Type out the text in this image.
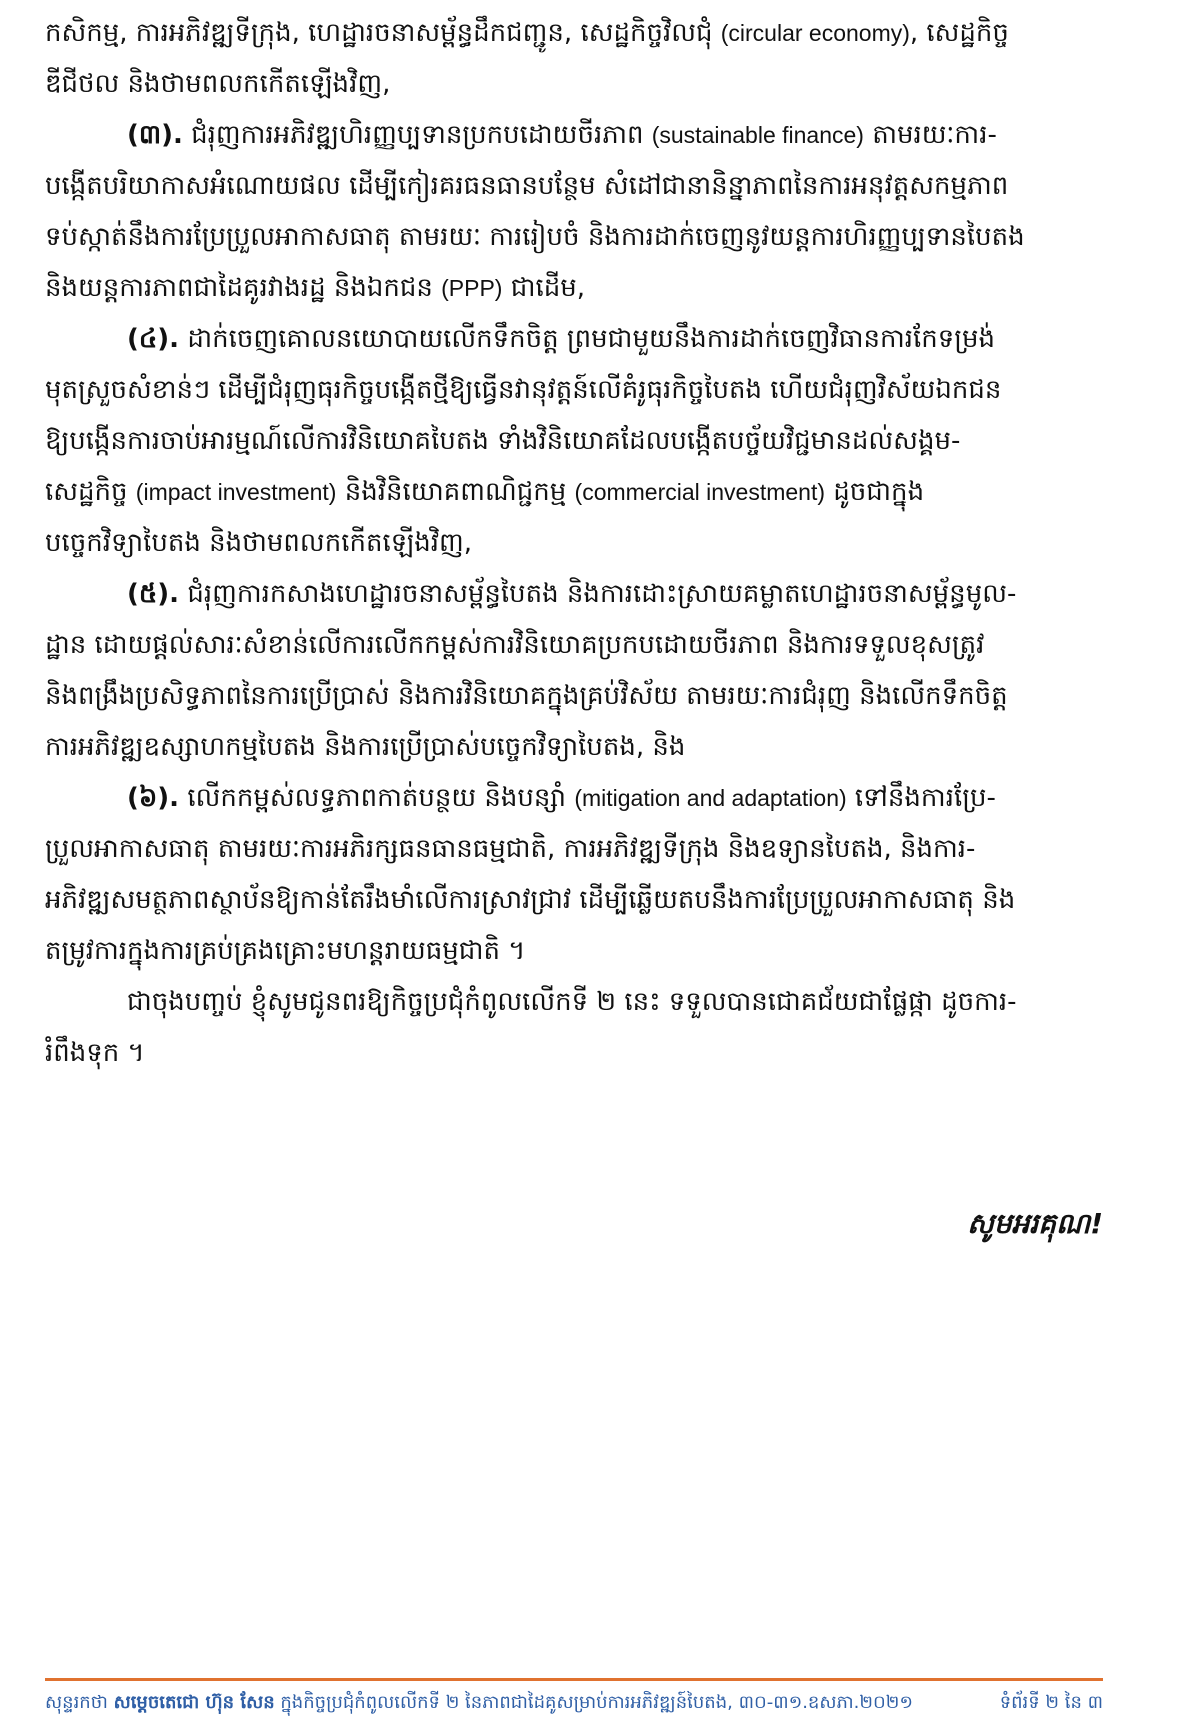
កសិកម្ម, ការអភិវឌ្ឍទីក្រុង, ហេដ្ឋារចនាសម្ព័ន្ធដឹកជញ្ជូន, សេដ្ឋកិច្ចវិលជុំ (circular economy), សេដ្ឋកិច្ច
ឌីជីថល និងថាមពលកកើតឡើងវិញ,
(៣). ជំរុញការអភិវឌ្ឍហិរញ្ញប្បទានប្រកបដោយចីរភាព (sustainable finance) តាមរយៈការ-
បង្កើតបរិយាកាសអំណោយផល ដើម្បីកៀរគរធនធានបន្ថែម សំដៅជានានិន្នាភាពនៃការអនុវត្តសកម្មភាព
ទប់ស្កាត់នឹងការប្រែប្រួលអាកាសធាតុ តាមរយៈ ការរៀបចំ និងការដាក់ចេញនូវយន្តការហិរញ្ញប្បទានបៃតង
និងយន្តការភាពជាដៃគូរវាងរដ្ឋ និងឯកជន (PPP) ជាដើម,
(៤). ដាក់ចេញគោលនយោបាយលើកទឹកចិត្ត ព្រមជាមួយនឹងការដាក់ចេញវិធានការកែទម្រង់
មុតស្រួចសំខាន់ៗ ដើម្បីជំរុញធុរកិច្ចបង្កើតថ្មីឱ្យធ្វើនវានុវត្តន៍លើគំរូធុរកិច្ចបៃតង ហើយជំរុញវិស័យឯកជន
ឱ្យបង្កើនការចាប់អារម្មណ៍លើការវិនិយោគបៃតង ទាំងវិនិយោគដែលបង្កើតបច្ច័យវិជ្ជមានដល់សង្គម-
សេដ្ឋកិច្ច (impact investment) និងវិនិយោគពាណិជ្ជកម្ម (commercial investment) ដូចជាក្នុង
បច្ចេកវិទ្យាបៃតង និងថាមពលកកើតឡើងវិញ,
(៥). ជំរុញការកសាងហេដ្ឋារចនាសម្ព័ន្ធបៃតង និងការដោះស្រាយគម្លាតហេដ្ឋារចនាសម្ព័ន្ធមូល-
ដ្ឋាន ដោយផ្ដល់សារៈសំខាន់លើការលើកកម្ពស់ការវិនិយោគប្រកបដោយចីរភាព និងការទទួលខុសត្រូវ
និងពង្រឹងប្រសិទ្ធភាពនៃការប្រើប្រាស់ និងការវិនិយោគក្នុងគ្រប់វិស័យ តាមរយៈការជំរុញ និងលើកទឹកចិត្ត
ការអភិវឌ្ឍឧស្សាហកម្មបៃតង និងការប្រើប្រាស់បច្ចេកវិទ្យាបៃតង, និង
(៦). លើកកម្ពស់លទ្ធភាពកាត់បន្ថយ និងបន្សាំ (mitigation and adaptation) ទៅនឹងការប្រែ-
ប្រួលអាកាសធាតុ តាមរយៈការអភិរក្សធនធានធម្មជាតិ, ការអភិវឌ្ឍទីក្រុង និងឧទ្យានបៃតង, និងការ-
អភិវឌ្ឍសមត្ថភាពស្ថាប័នឱ្យកាន់តែរឹងមាំលើការស្រាវជ្រាវ ដើម្បីឆ្លើយតបនឹងការប្រែប្រួលអាកាសធាតុ និង
តម្រូវការក្នុងការគ្រប់គ្រងគ្រោះមហន្តរាយធម្មជាតិ ។
ជាចុងបញ្ចប់ ខ្ញុំសូមជូនពរឱ្យកិច្ចប្រជុំកំពូលលើកទី ២ នេះ ទទួលបានជោគជ័យជាផ្លែផ្កា ដូចការ-
រំពឹងទុក ។
សូមអរគុណ!
សុន្ទរកថា សម្ដេចតេជោ ហ៊ុន សែន ក្នុងកិច្ចប្រជុំកំពូលលើកទី ២ នៃភាពជាដៃគូសម្រាប់ការអភិវឌ្ឍន៍បៃតង, ៣០-៣១.ឧសភា.២០២១	ទំព័រទី ២ នៃ ៣
